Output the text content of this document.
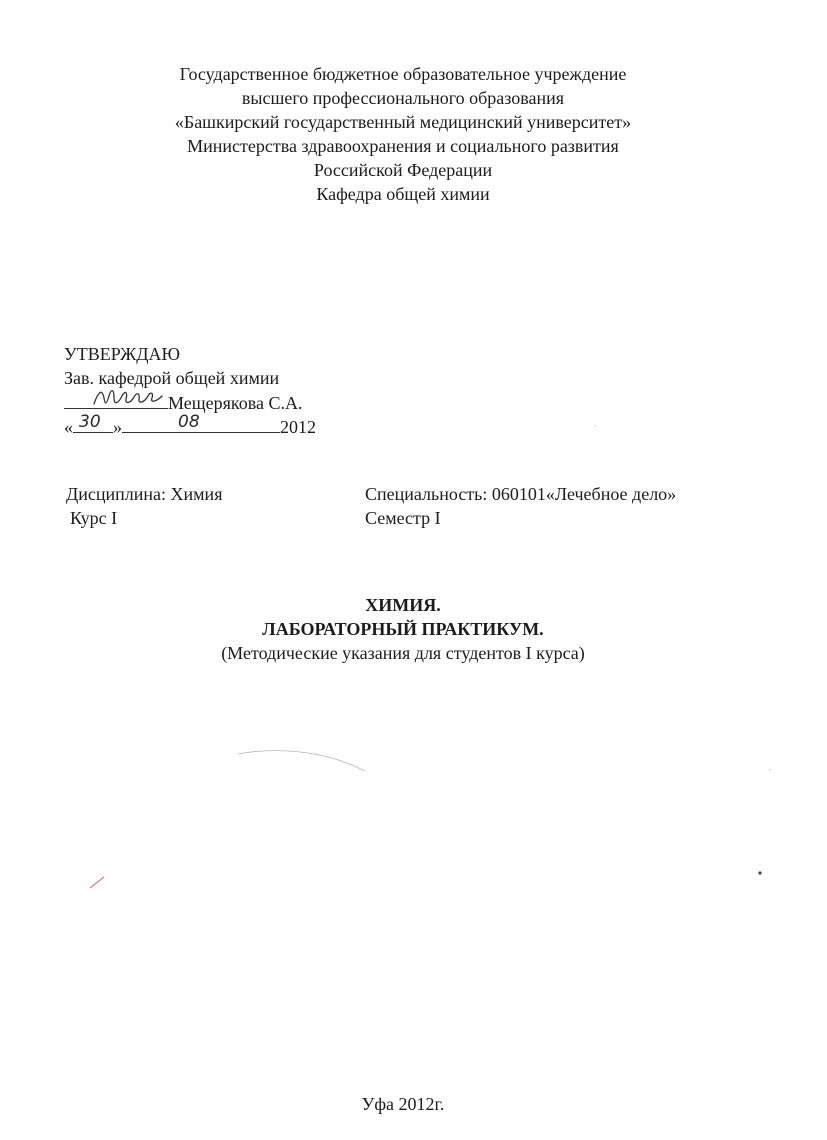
Государственное бюджетное образовательное учреждение
высшего профессионального образования
«Башкирский государственный медицинский университет»
Министерства здравоохранения и социального развития
Российской Федерации
Кафедра общей химии
УТВЕРЖДАЮ
Зав. кафедрой общей химии
Мещерякова С.А.
« 30 »	08	2012
Дисциплина: Химия
Курс I
Специальность: 060101«Лечебное дело»
Семестр I
ХИМИЯ.
ЛАБОРАТОРНЫЙ ПРАКТИКУМ.
(Методические указания для студентов I курса)
Уфа 2012г.
